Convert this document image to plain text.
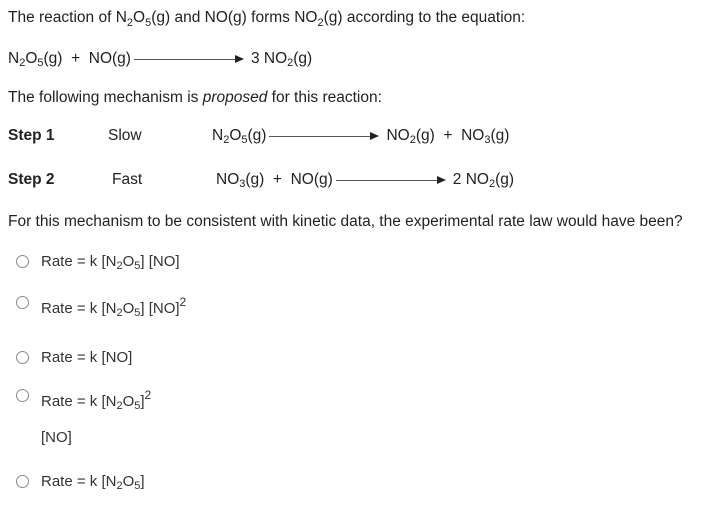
The reaction of $N_2O_5(g)$ and NO(g) forms $NO_2(g)$ according to the equation:
N 2 O 5 (g) +  NO(g)	3 NO 2 (g)
The following mechanism is proposed for this reaction:
Step 1	Slow	N 2 O 5 (g)	NO 2 (g)  +  NO 3 (g)
Step 2	Fast	NO 3 (g)  +  NO(g)	2 NO 2 (g)
For this mechanism to be consistent with kinetic data, the experimental rate law would have been?
Rate = k [N 2 O 5 ] [NO]
Rate = k [N 2 O 5 ] [NO] 2
Rate = k [NO]
Rate = k [N 2 O 5 ] 2
[NO]
Rate = k [N 2 O 5 ]
